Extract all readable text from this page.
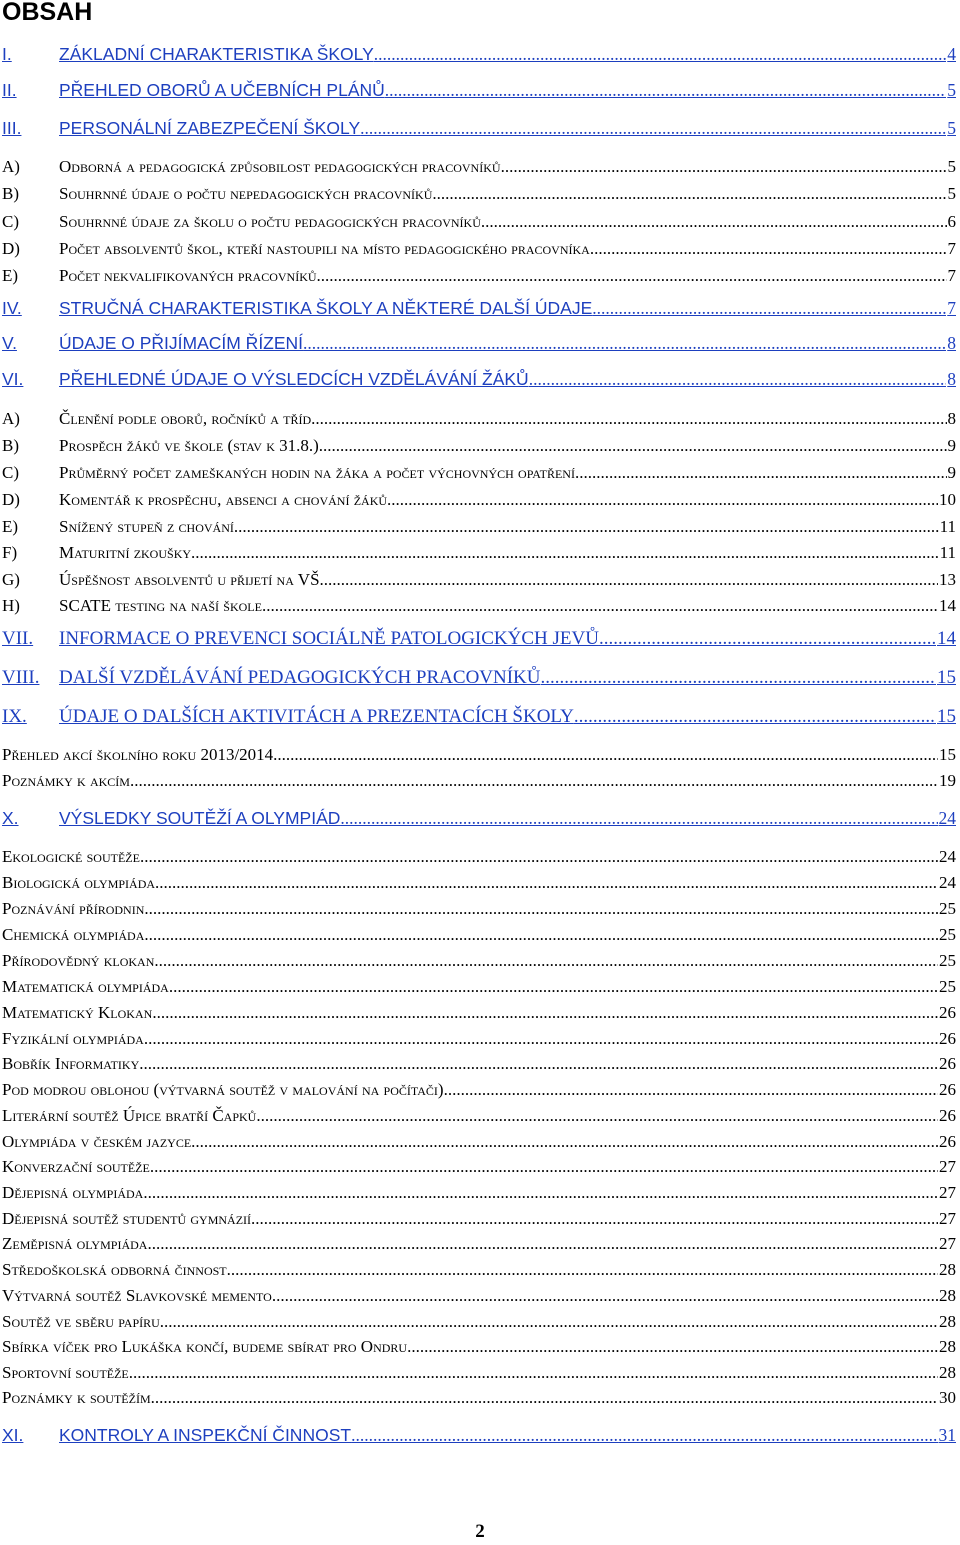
OBSAH
I.	ZÁKLADNÍ CHARAKTERISTIKA ŠKOLY .....	4
II.	PŘEHLED OBORŮ A UČEBNÍCH PLÁNŮ .....	5
III.	PERSONÁLNÍ ZABEZPEČENÍ ŠKOLY .....	5
A)	Odborná a pedagogická způsobilost pedagogických pracovníků .....	5
B)	Souhrnné údaje o počtu nepedagogických pracovníků .....	5
C)	Souhrnné údaje za školu o počtu pedagogických pracovníků .....	6
D)	Počet absolventů škol, kteří nastoupili na místo pedagogického pracovníka .....	7
E)	Počet nekvalifikovaných pracovníků .....	7
IV.	STRUČNÁ CHARAKTERISTIKA ŠKOLY A NĚKTERÉ DALŠÍ ÚDAJE .....	7
V.	ÚDAJE O PŘIJÍMACÍM ŘÍZENÍ .....	8
VI.	PŘEHLEDNÉ ÚDAJE O VÝSLEDCÍCH VZDĚLÁVÁNÍ ŽÁKŮ .....	8
A)	Členění podle oborů, ročníků a tříd .....	8
B)	Prospěch žáků ve škole (stav k 31.8.). .....	9
C)	Průměrný počet zameškaných hodin na žáka a počet výchovných opatření. .....	9
D)	Komentář k prospěchu, absenci a chování žáků .....	10
E)	Snížený stupeň z chování .....	11
F)	Maturitní zkoušky .....	11
G)	Úspěšnost absolventů u přijetí na VŠ .....	13
H)	SCATE testing na naší škole .....	14
VII.	INFORMACE O PREVENCI SOCIÁLNĚ PATOLOGICKÝCH JEVŮ .....	14
VIII.	DALŠÍ VZDĚLÁVÁNÍ PEDAGOGICKÝCH PRACOVNÍKŮ .....	15
IX.	ÚDAJE O DALŠÍCH AKTIVITÁCH A PREZENTACÍCH ŠKOLY .....	15
Přehled akcí školního roku 2013/2014 .....	15
Poznámky k akcím .....	19
X.	VÝSLEDKY SOUTĚŽÍ A OLYMPIÁD .....	24
Ekologické soutěže .....	24
Biologická olympiáda .....	24
Poznávání přírodnin .....	25
Chemická olympiáda .....	25
Přírodovědný klokan .....	25
Matematická olympiáda .....	25
Matematický Klokan .....	26
Fyzikální olympiáda .....	26
Bobřík Informatiky .....	26
Pod modrou oblohou (výtvarná soutěž v malování na počítači) .....	26
Literární soutěž Úpice bratří Čapků .....	26
Olympiáda v českém jazyce .....	26
Konverzační soutěže .....	27
Dějepisná olympiáda .....	27
Dějepisná soutěž studentů gymnázií .....	27
Zeměpisná olympiáda .....	27
Středoškolská odborná činnost .....	28
Výtvarná soutěž Slavkovské memento .....	28
Soutěž ve sběru papíru .....	28
Sbírka víček pro Lukáška končí, budeme sbírat pro Ondru .....	28
Sportovní soutěže .....	28
Poznámky k soutěžím .....	30
XI.	KONTROLY A INSPEKČNÍ ČINNOST .....	31
2
